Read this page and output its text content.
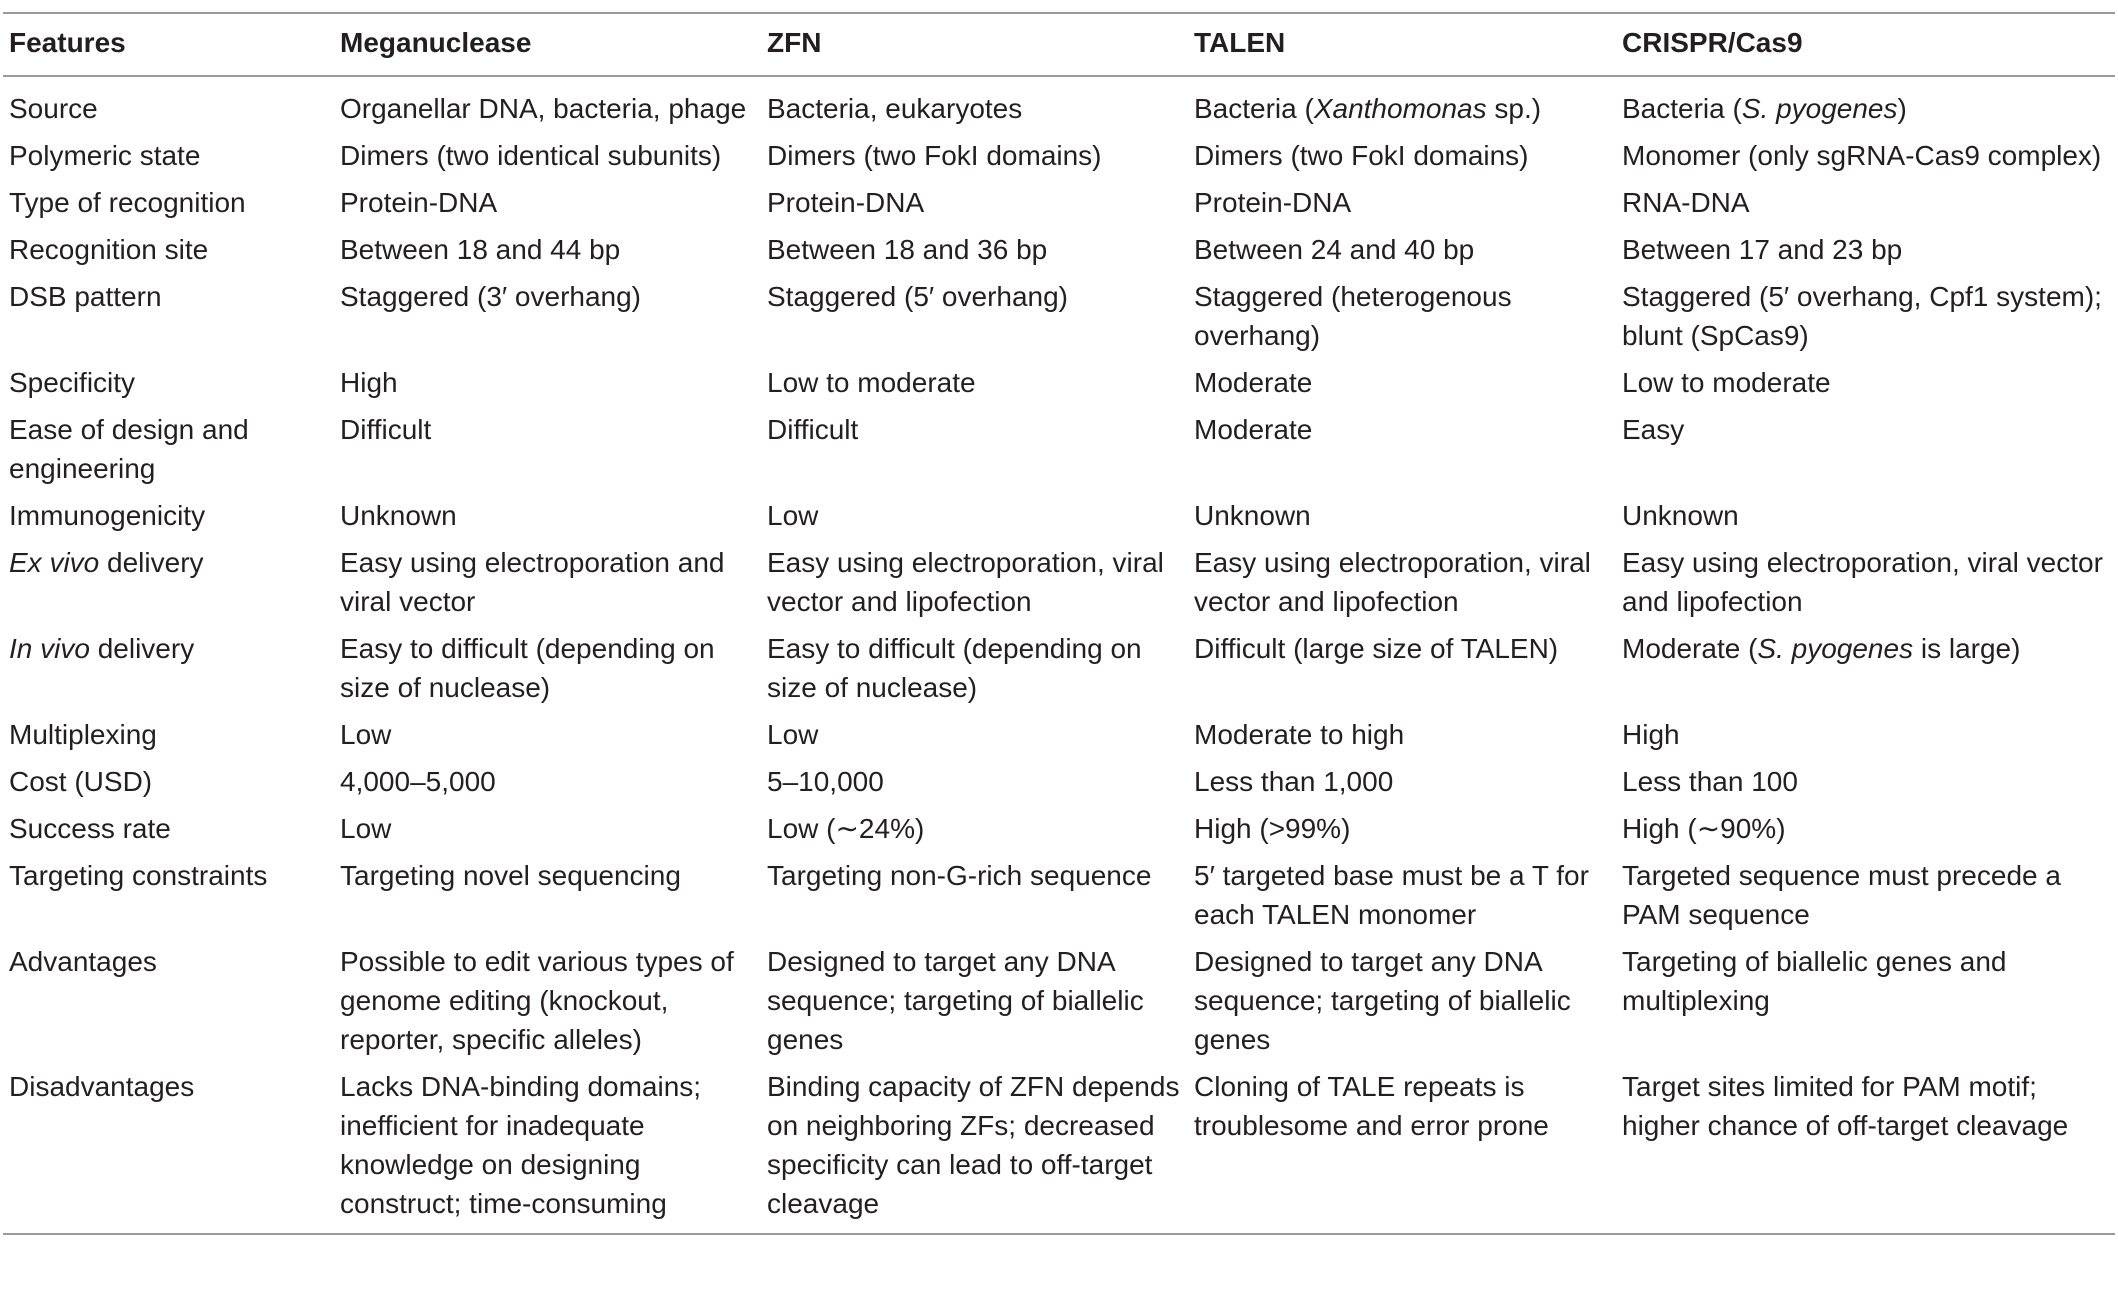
Features	Meganuclease	ZFN	TALEN	CRISPR/Cas9
Source	Organellar DNA, bacteria, phage	Bacteria, eukaryotes	Bacteria (Xanthomonas sp.)	Bacteria (S. pyogenes)
Polymeric state	Dimers (two identical subunits)	Dimers (two FokI domains)	Dimers (two FokI domains)	Monomer (only sgRNA-Cas9 complex)
Type of recognition	Protein-DNA	Protein-DNA	Protein-DNA	RNA-DNA
Recognition site	Between 18 and 44 bp	Between 18 and 36 bp	Between 24 and 40 bp	Between 17 and 23 bp
DSB pattern	Staggered (3′ overhang)	Staggered (5′ overhang)	Staggered (heterogenous overhang)	Staggered (5′ overhang, Cpf1 system); blunt (SpCas9)
Specificity	High	Low to moderate	Moderate	Low to moderate
Ease of design and engineering	Difficult	Difficult	Moderate	Easy
Immunogenicity	Unknown	Low	Unknown	Unknown
Ex vivo delivery	Easy using electroporation and viral vector	Easy using electroporation, viral vector and lipofection	Easy using electroporation, viral vector and lipofection	Easy using electroporation, viral vector and lipofection
In vivo delivery	Easy to difficult (depending on size of nuclease)	Easy to difficult (depending on size of nuclease)	Difficult (large size of TALEN)	Moderate (S. pyogenes is large)
Multiplexing	Low	Low	Moderate to high	High
Cost (USD)	4,000–5,000	5–10,000	Less than 1,000	Less than 100
Success rate	Low	Low (∼24%)	High (>99%)	High (∼90%)
Targeting constraints	Targeting novel sequencing	Targeting non-G-rich sequence	5′ targeted base must be a T for each TALEN monomer	Targeted sequence must precede a PAM sequence
Advantages	Possible to edit various types of genome editing (knockout, reporter, specific alleles)	Designed to target any DNA sequence; targeting of biallelic genes	Designed to target any DNA sequence; targeting of biallelic genes	Targeting of biallelic genes and multiplexing
Disadvantages	Lacks DNA-binding domains; inefficient for inadequate knowledge on designing construct; time-consuming	Binding capacity of ZFN depends on neighboring ZFs; decreased specificity can lead to off-target cleavage	Cloning of TALE repeats is troublesome and error prone	Target sites limited for PAM motif; higher chance of off-target cleavage
